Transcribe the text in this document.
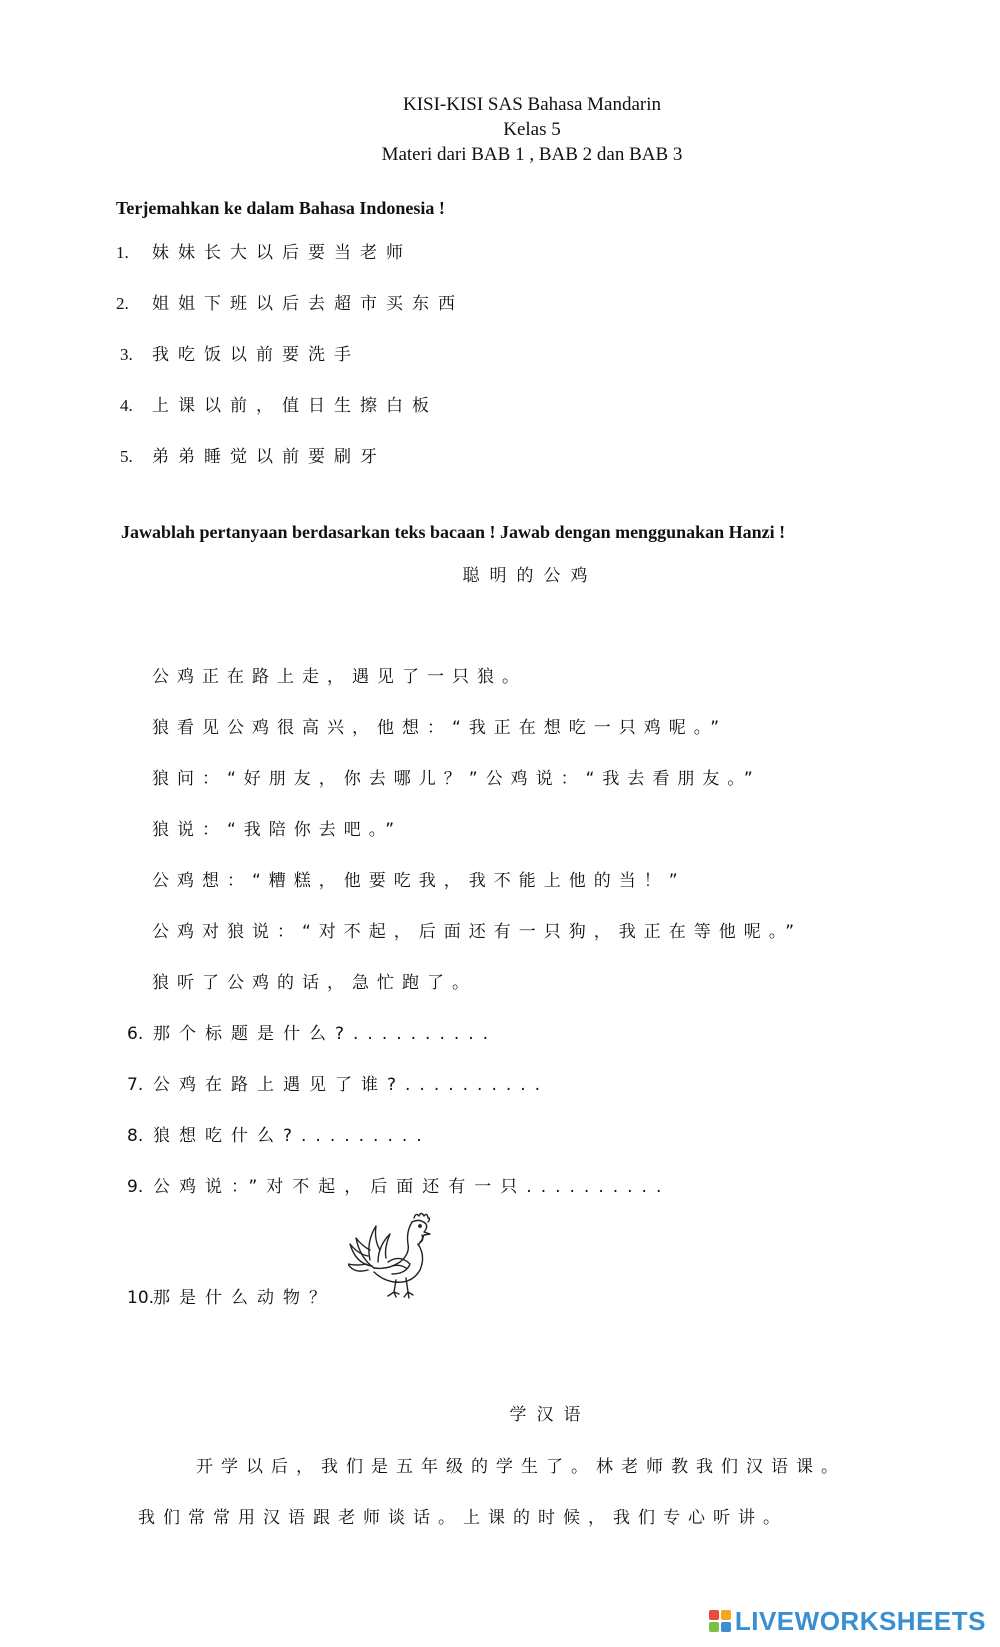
KISI-KISI SAS Bahasa Mandarin
Kelas 5
Materi dari BAB 1 , BAB 2 dan BAB 3
Terjemahkan ke dalam Bahasa Indonesia !
1. 妹妹长大以后要当老师
2. 姐姐下班以后去超市买东西
3. 我吃饭以前要洗手
4. 上课以前，值日生擦白板
5. 弟弟睡觉以前要刷牙
Jawablah pertanyaan berdasarkan teks bacaan ! Jawab dengan menggunakan Hanzi !
聪明的公鸡
公鸡正在路上走，遇见了一只狼。
狼看见公鸡很高兴，他想：“我正在想吃一只鸡呢。”
狼问：“好朋友，你去哪儿？”公鸡说：“我去看朋友。”
狼说：“我陪你去吧。”
公鸡想：“糟糕，他要吃我，我不能上他的当！”
公鸡对狼说：“对不起，后面还有一只狗，我正在等他呢。”
狼听了公鸡的话，急忙跑了。
6. 那个标题是什么?..........
7. 公鸡在路上遇见了谁?..........
8. 狼想吃什么?.........
9. 公鸡说：”对不起，后面还有一只..........
10.那是什么动物？
学汉语
开学以后，我们是五年级的学生了。林老师教我们汉语课。
我们常常用汉语跟老师谈话。上课的时候，我们专心听讲。
LIVEWORKSHEETS
